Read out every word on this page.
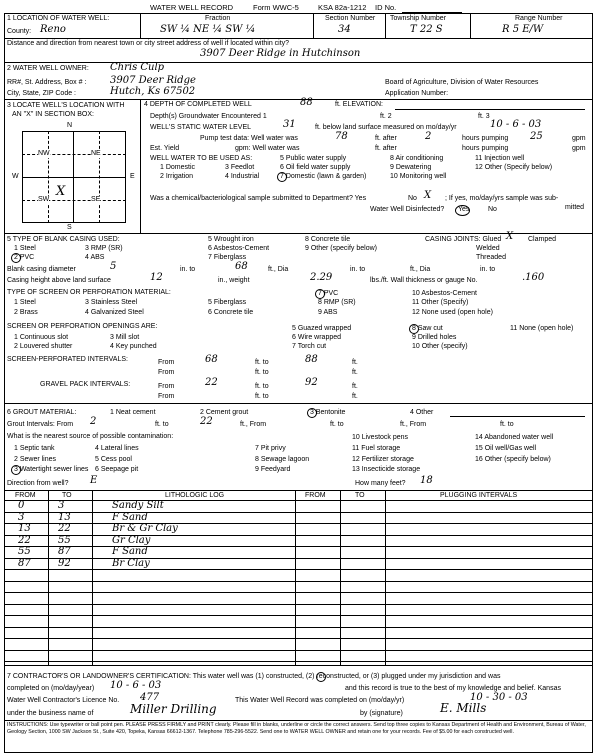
WATER WELL RECORD	Form WWC-5	KSA 82a-1212 ID No.
1 LOCATION OF WATER WELL:	Fraction	Section Number Township Number	Range Number
County: Reno	SW ¼ NE ¼ SW ¼	34	T 22 S	R 5 E/W
Distance and direction from nearest town or city street address of well if located within city?
3907 Deer Ridge in Hutchinson
2 WATER WELL OWNER: Chris Culp
RR#, St. Address, Box # : 3907 Deer Ridge
City, State, ZIP Code :	Hutch, Ks 67502
Board of Agriculture, Division of Water Resources
Application Number:
3 LOCATE WELL'S LOCATION WITH
AN "X" IN SECTION BOX:
N
S
W	E
NW	NE
SW	SE
X
4 DEPTH OF COMPLETED WELL	88	ft. ELEVATION:
Depth(s) Groundwater Encountered 1	ft. 2	ft. 3
WELL'S STATIC WATER LEVEL	31	ft. below land surface measured on mo/day/yr	10 - 6 - 03
Pump test data: Well water was	78	ft. after	2	hours pumping 25	gpm
Est. Yield	gpm: Well water was	ft. after	hours pumping	gpm
WELL WATER TO BE USED AS:
1 Domestic
2 Irrigation
3 Feedlot
4 Industrial
5 Public water supply
6 Oil field water supply
7 Domestic (lawn & garden)
8 Air conditioning
9 Dewatering
10 Monitoring well
11 Injection well
12 Other (Specify below)
Was a chemical/bacteriological sample submitted to Department? Yes	No X ; If yes, mo/day/yrs sample was sub-
mitted
Water Well Disinfected? Yes	No
5 TYPE OF BLANK CASING USED:
1 Steel
2 PVC
3 RMP (SR)
4 ABS
5 Wrought iron
6 Asbestos-Cement
7 Fiberglass
8 Concrete tile
9 Other (specify below)
CASING JOINTS: Glued X Clamped
Welded
Threaded
Blank casing diameter	5	in. to	68	ft., Dia	in. to	ft., Dia	in. to
Casing height above land surface	12	in., weight	2.29	lbs./ft. Wall thickness or gauge No.	.160
TYPE OF SCREEN OR PERFORATION MATERIAL:
1 Steel
2 Brass
3 Stainless Steel
4 Galvanized Steel
5 Fiberglass
6 Concrete tile
7 PVC
8 RMP (SR)
9 ABS
10 Asbestos-Cement
11 Other (Specify)
12 None used (open hole)
SCREEN OR PERFORATION OPENINGS ARE:
1 Continuous slot
2 Louvered shutter
3 Mill slot
4 Key punched
5 Guazed wrapped
6 Wire wrapped
7 Torch cut
8 Saw cut
9 Drilled holes
10 Other (specify)
11 None (open hole)
SCREEN-PERFORATED INTERVALS:	From	68	ft. to	88	ft.
From	ft. to	ft.
GRAVEL PACK INTERVALS:	From	22	ft. to	92	ft.
From	ft. to	ft.
6 GROUT MATERIAL:	1 Neat cement	2 Cement grout	3 Bentonite	4 Other
Grout Intervals: From 2	ft. to	22	ft., From	ft. to	ft., From	ft. to
What is the nearest source of possible contamination:
1 Septic tank
2 Sewer lines
3 Watertight sewer lines
4 Lateral lines
5 Cess pool
6 Seepage pit
7 Pit privy
8 Sewage lagoon
9 Feedyard
10 Livestock pens
11 Fuel storage
12 Fertilizer storage
13 Insecticide storage
14 Abandoned water well
15 Oil well/Gas well
16 Other (specify below)
Direction from well? E	How many feet? 18
FROM	TO	LITHOLOGIC LOG	FROM	TO	PLUGGING INTERVALS
0	3	Sandy Silt
3	13	F Sand
13	22	Br & Gr Clay
22	55	Gr Clay
55	87	F Sand
87	92	Br Clay
7 CONTRACTOR'S OR LANDOWNER'S CERTIFICATION: This water well was (1) constructed, (2) reconstructed, or (3) plugged under my jurisdiction and was
completed on (mo/day/year) 10 - 6 - 03	and this record is true to the best of my knowledge and belief. Kansas
Water Well Contractor's Licence No. 477	This Water Well Record was completed on (mo/day/yr)	10 - 30 - 03
under the business name of	Miller Drilling	by (signature)	E. Mills
INSTRUCTIONS: Use typewriter or ball point pen. PLEASE PRESS FIRMLY and PRINT clearly. Please fill in blanks, underline or circle the correct answers. Send top three copies to Kansas Department of Health and Environment, Bureau of Water, Geology Section, 1000 SW Jackson St., Suite 420, Topeka, Kansas 66612-1367. Telephone 785-296-5522. Send one to WATER WELL OWNER and retain one for your records. Fee of $5.00 for each constructed well.
